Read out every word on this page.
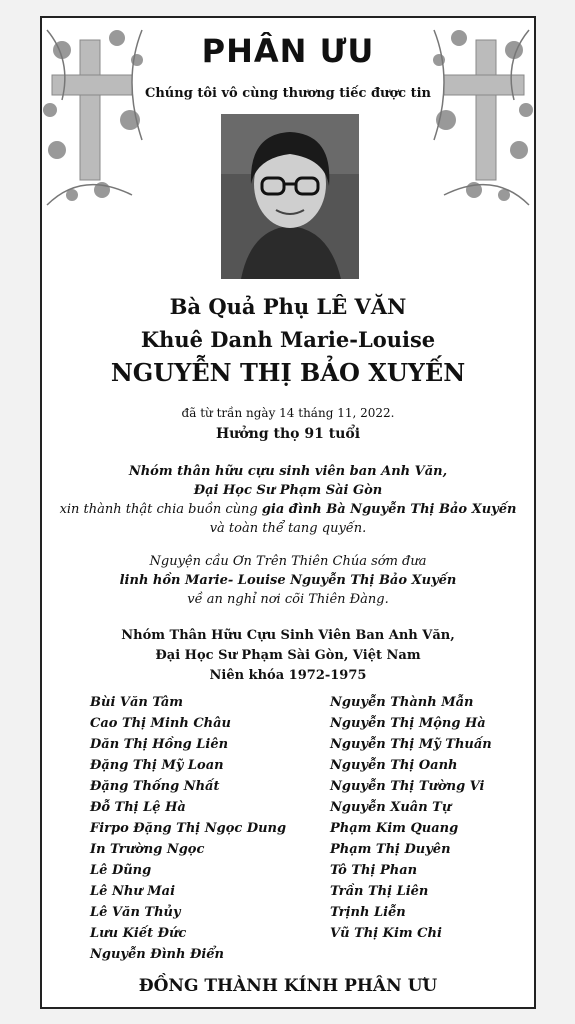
PHÂN ƯU
Chúng tôi vô cùng thương tiếc được tin
Bà Quả Phụ LÊ VĂN
Khuê Danh Marie-Louise
NGUYỄN THỊ BẢO XUYẾN
đã từ trần ngày 14 tháng 11, 2022.
Hưởng thọ 91 tuổi
Nhóm thân hữu cựu sinh viên ban Anh Văn,
Đại Học Sư Phạm Sài Gòn
xin thành thật chia buồn cùng gia đình Bà Nguyễn Thị Bảo Xuyến
và toàn thể tang quyến.
Nguyện cầu Ơn Trên Thiên Chúa sớm đưa
linh hồn Marie- Louise Nguyễn Thị Bảo Xuyến
về an nghỉ nơi cõi Thiên Đàng.
Nhóm Thân Hữu Cựu Sinh Viên Ban Anh Văn,
Đại Học Sư Phạm Sài Gòn, Việt Nam
Niên khóa 1972-1975
Bùi Văn Tâm
Cao Thị Minh Châu
Dăn Thị Hồng Liên
Đặng Thị Mỹ Loan
Đặng Thống Nhất
Đỗ Thị Lệ Hà
Firpo Đặng Thị Ngọc Dung
In Trường Ngọc
Lê Dũng
Lê Như Mai
Lê Văn Thủy
Lưu Kiết Đức
Nguyễn Đình Điển
Nguyễn Thành Mẫn
Nguyễn Thị Mộng Hà
Nguyễn Thị Mỹ Thuấn
Nguyễn Thị Oanh
Nguyễn Thị Tường Vi
Nguyễn Xuân Tự
Phạm Kim Quang
Phạm Thị Duyên
Tô Thị Phan
Trần Thị Liên
Trịnh Liễn
Vũ Thị Kim Chi
ĐỒNG THÀNH KÍNH PHÂN ƯU
